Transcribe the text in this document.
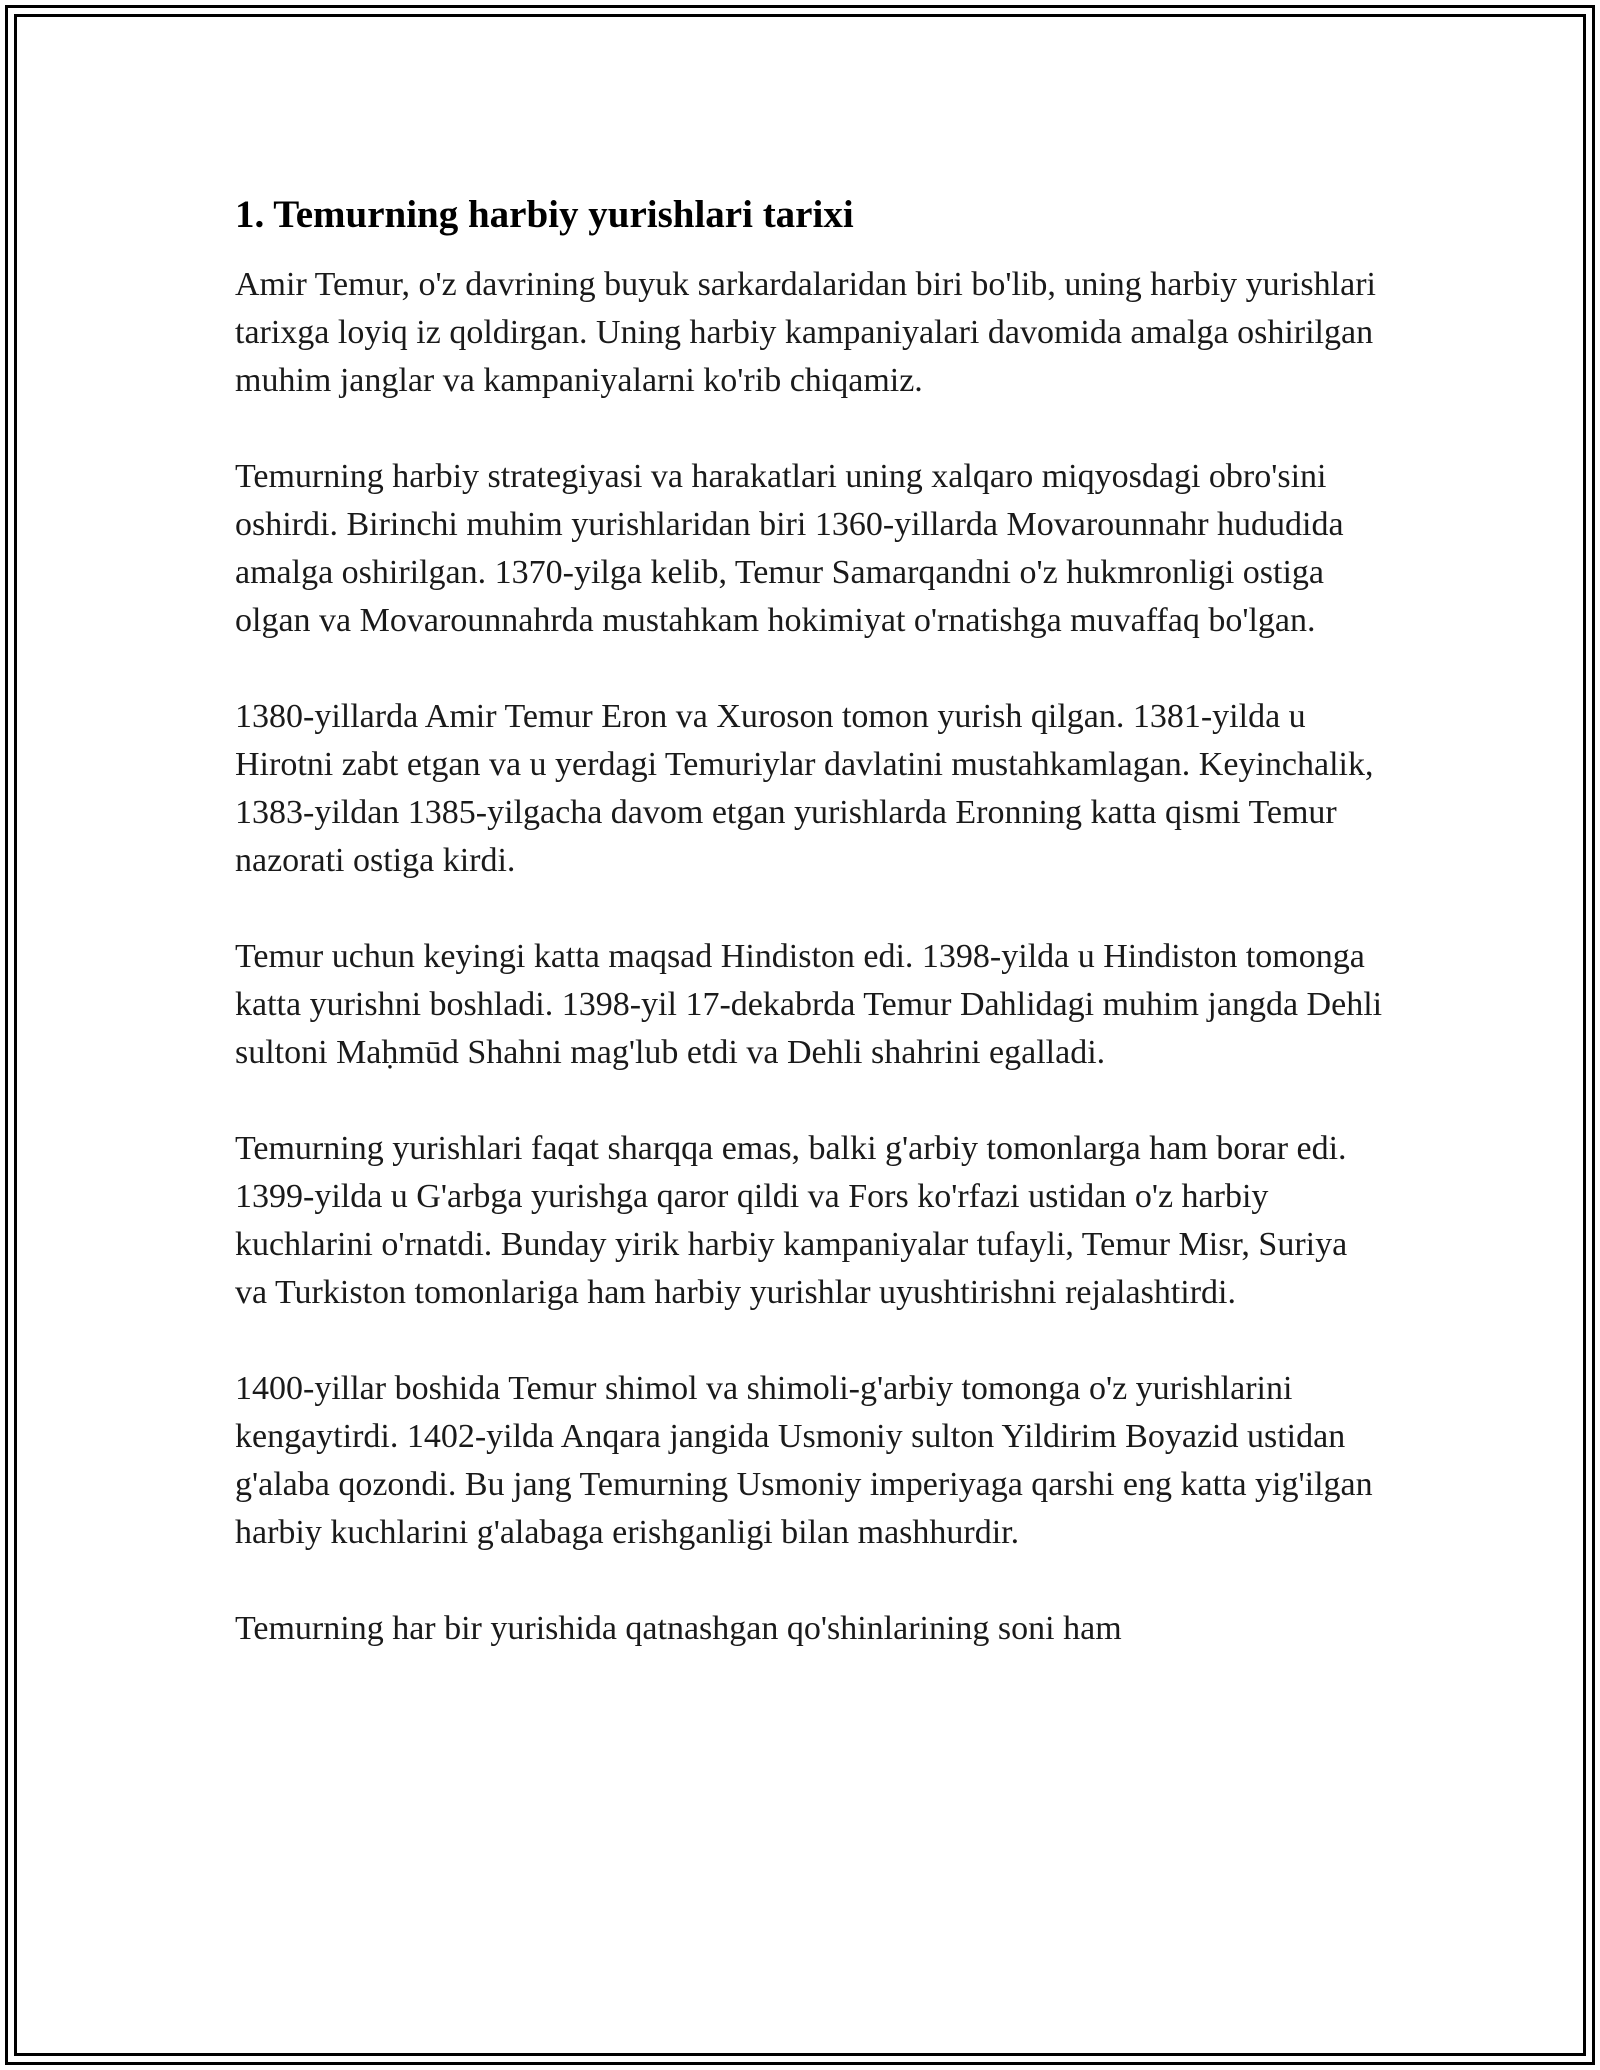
1. Temurning harbiy yurishlari tarixi

Amir Temur, o'z davrining buyuk sarkardalaridan biri bo'lib, uning harbiy yurishlari tarixga loyiq iz qoldirgan. Uning harbiy kampaniyalari davomida amalga oshirilgan muhim janglar va kampaniyalarni ko'rib chiqamiz.

Temurning harbiy strategiyasi va harakatlari uning xalqaro miqyosdagi obro'sini oshirdi. Birinchi muhim yurishlaridan biri 1360-yillarda Movarounnahr hududida amalga oshirilgan. 1370-yilga kelib, Temur Samarqandni o'z hukmronligi ostiga olgan va Movarounnahrda mustahkam hokimiyat o'rnatishga muvaffaq bo'lgan.

1380-yillarda Amir Temur Eron va Xuroson tomon yurish qilgan. 1381-yilda u Hirotni zabt etgan va u yerdagi Temuriylar davlatini mustahkamlagan. Keyinchalik, 1383-yildan 1385-yilgacha davom etgan yurishlarda Eronning katta qismi Temur nazorati ostiga kirdi.

Temur uchun keyingi katta maqsad Hindiston edi. 1398-yilda u Hindiston tomonga katta yurishni boshladi. 1398-yil 17-dekabrda Temur Dahlidagi muhim jangda Dehli sultoni Maḥmūd Shahni mag'lub etdi va Dehli shahrini egalladi.

Temurning yurishlari faqat sharqqa emas, balki g'arbiy tomonlarga ham borar edi. 1399-yilda u G'arbga yurishga qaror qildi va Fors ko'rfazi ustidan o'z harbiy kuchlarini o'rnatdi. Bunday yirik harbiy kampaniyalar tufayli, Temur Misr, Suriya va Turkiston tomonlariga ham harbiy yurishlar uyushtirishni rejalashtirdi.

1400-yillar boshida Temur shimol va shimoli-g'arbiy tomonga o'z yurishlarini kengaytirdi. 1402-yilda Anqara jangida Usmoniy sulton Yildirim Boyazid ustidan g'alaba qozondi. Bu jang Temurning Usmoniy imperiyaga qarshi eng katta yig'ilgan harbiy kuchlarini g'alabaga erishganligi bilan mashhurdir.

Temurning har bir yurishida qatnashgan qo'shinlarining soni ham
